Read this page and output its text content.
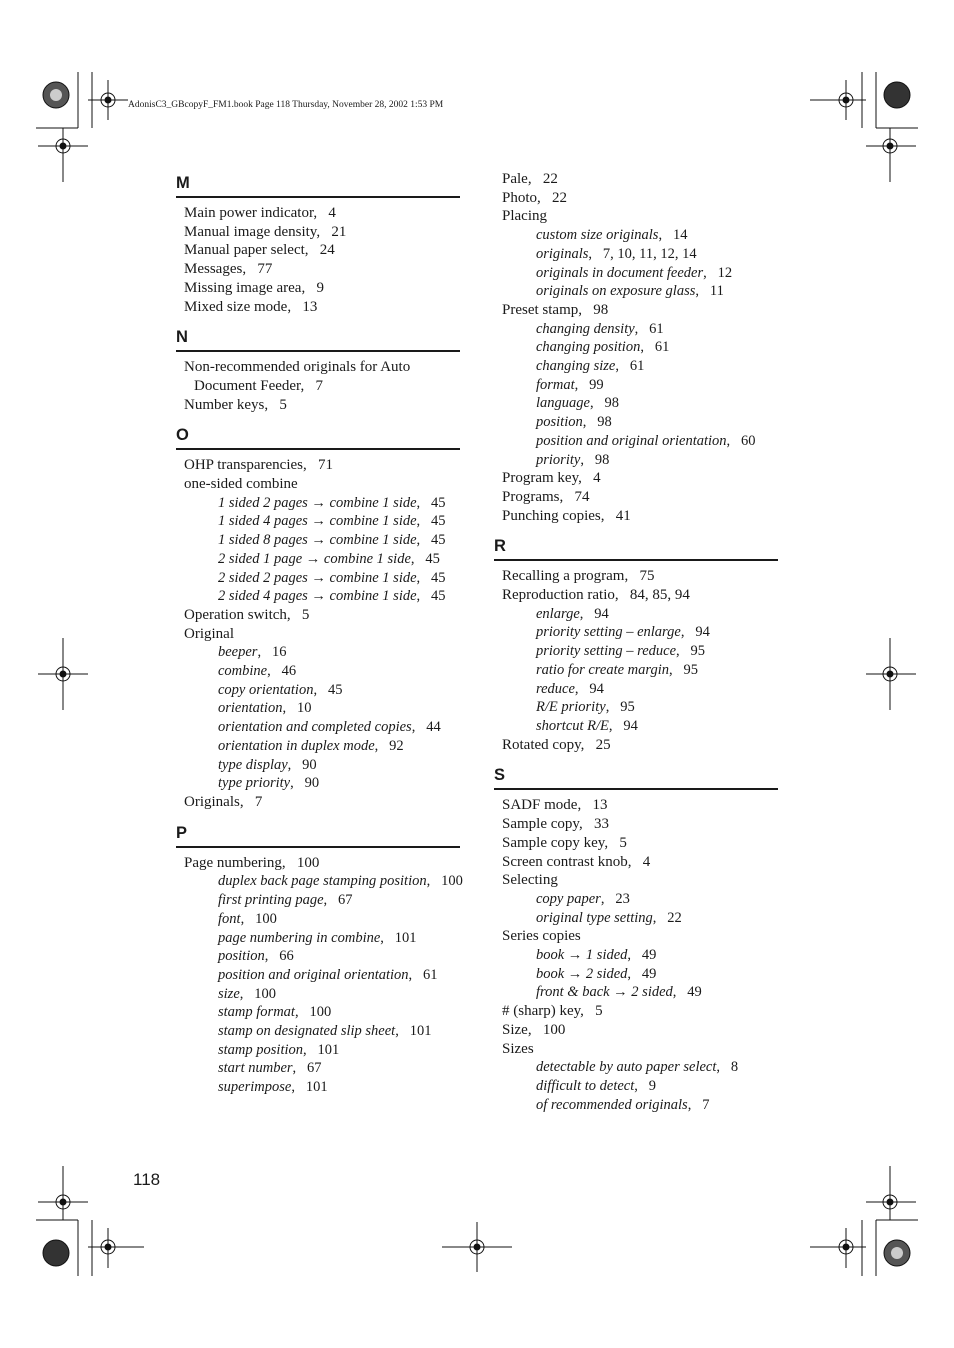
AdonisC3_GBcopyF_FM1.book Page 118 Thursday, November 28, 2002 1:53 PM
M
Main power indicator,   4
Manual image density,   21
Manual paper select,   24
Messages,   77
Missing image area,   9
Mixed size mode,   13
N
Non-recommended originals for Auto
Document Feeder,   7
Number keys,   5
O
OHP transparencies,   71
one-sided combine
1 sided 2 pages → combine 1 side,   45
1 sided 4 pages → combine 1 side,   45
1 sided 8 pages → combine 1 side,   45
2 sided 1 page → combine 1 side,   45
2 sided 2 pages → combine 1 side,   45
2 sided 4 pages → combine 1 side,   45
Operation switch,   5
Original
beeper,   16
combine,   46
copy orientation,   45
orientation,   10
orientation and completed copies,   44
orientation in duplex mode,   92
type display,   90
type priority,   90
Originals,   7
P
Page numbering,   100
duplex back page stamping position,   100
first printing page,   67
font,   100
page numbering in combine,   101
position,   66
position and original orientation,   61
size,   100
stamp format,   100
stamp on designated slip sheet,   101
stamp position,   101
start number,   67
superimpose,   101
Pale,   22
Photo,   22
Placing
custom size originals,   14
originals,   7, 10, 11, 12, 14
originals in document feeder,   12
originals on exposure glass,   11
Preset stamp,   98
changing density,   61
changing position,   61
changing size,   61
format,   99
language,   98
position,   98
position and original orientation,   60
priority,   98
Program key,   4
Programs,   74
Punching copies,   41
R
Recalling a program,   75
Reproduction ratio,   84, 85, 94
enlarge,   94
priority setting – enlarge,   94
priority setting – reduce,   95
ratio for create margin,   95
reduce,   94
R/E priority,   95
shortcut R/E,   94
Rotated copy,   25
S
SADF mode,   13
Sample copy,   33
Sample copy key,   5
Screen contrast knob,   4
Selecting
copy paper,   23
original type setting,   22
Series copies
book → 1 sided,   49
book → 2 sided,   49
front & back → 2 sided,   49
# (sharp) key,   5
Size,   100
Sizes
detectable by auto paper select,   8
difficult to detect,   9
of recommended originals,   7
118
